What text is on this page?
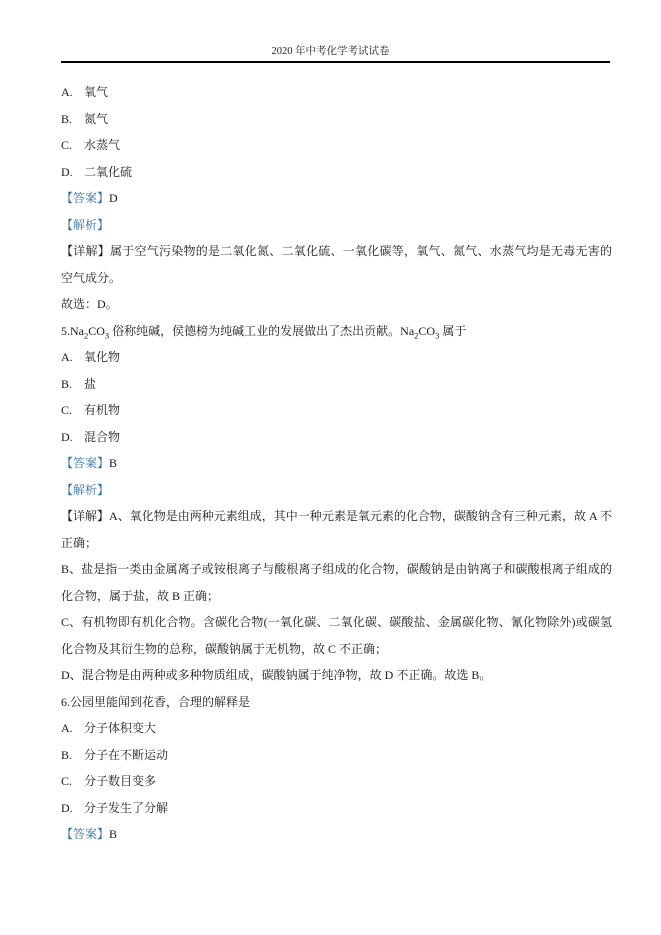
2020 年中考化学考试试卷

A. 氧气

B. 氮气

C. 水蒸气

D. 二氧化硫

【答案】D

【解析】

【详解】属于空气污染物的是二氧化氮、二氧化硫、一氧化碳等，氧气、氮气、水蒸气均是无毒无害的空气成分。

故选：D。

$5.Na_2CO_3$ 俗称纯碱，侯德榜为纯碱工业的发展做出了杰出贡献。$Na_2CO_3$ 属于

A. 氧化物

B. 盐

C. 有机物

D. 混合物

【答案】B

【解析】

【详解】A、氧化物是由两种元素组成，其中一种元素是氧元素的化合物，碳酸钠含有三种元素，故 A 不正确；

B、盐是指一类由金属离子或铵根离子与酸根离子组成的化合物，碳酸钠是由钠离子和碳酸根离子组成的化合物，属于盐，故 B 正确；

C、有机物即有机化合物。含碳化合物(一氧化碳、二氧化碳、碳酸盐、金属碳化物、氰化物除外)或碳氢化合物及其衍生物的总称，碳酸钠属于无机物，故 C 不正确；

D、混合物是由两种或多种物质组成，碳酸钠属于纯净物，故 D 不正确。故选 B。

6.公园里能闻到花香，合理的解释是

A. 分子体积变大

B. 分子在不断运动

C. 分子数目变多

D. 分子发生了分解

【答案】B
